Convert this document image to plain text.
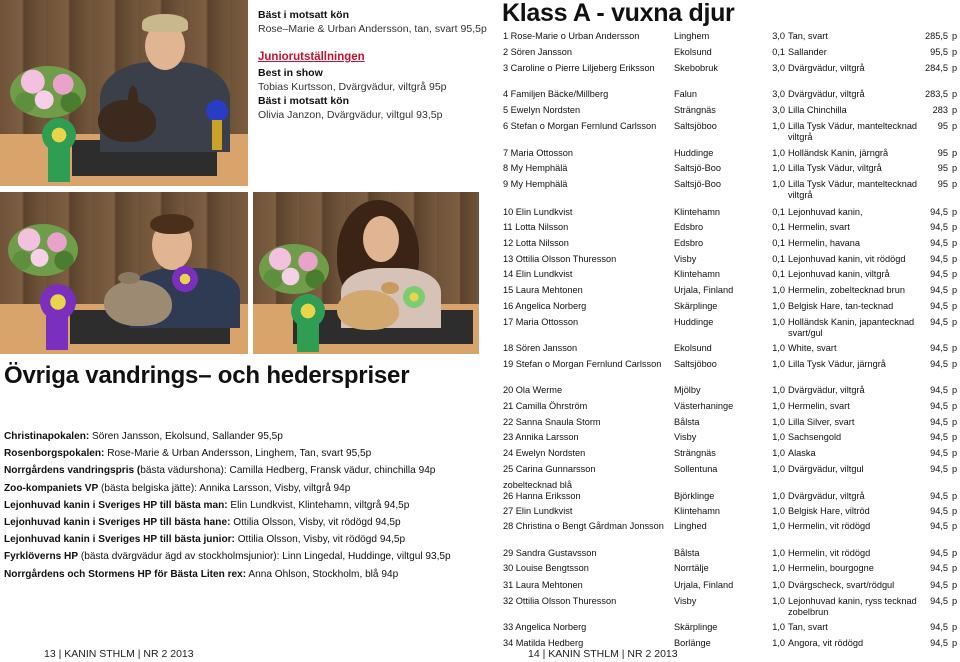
Bäst i motsatt kön
Rose–Marie & Urban Andersson, tan, svart 95,5p
Juniorutställningen
Best in show
Tobias Kurtsson, Dvärgvädur, viltgrå 95p
Bäst i motsatt kön
Olivia Janzon, Dvärgvädur, viltgul 93,5p
Övriga vandrings– och hederspriser
Christinapokalen: Sören Jansson, Ekolsund, Sallander 95,5p
Rosenborgspokalen: Rose-Marie & Urban Andersson, Linghem, Tan, svart 95,5p
Norrgårdens vandringspris (bästa vädurshona): Camilla Hedberg, Fransk vädur, chinchilla 94p
Zoo-kompaniets VP (bästa belgiska jätte): Annika Larsson, Visby, viltgrå 94p
Lejonhuvad kanin i Sveriges HP till bästa man: Elin Lundkvist, Klintehamn, viltgrå 94,5p
Lejonhuvad kanin i Sveriges HP till bästa hane: Ottilia Olsson, Visby, vit rödögd 94,5p
Lejonhuvad kanin i Sveriges HP till bästa junior: Ottilia Olsson, Visby, vit rödögd 94,5p
Fyrklöverns HP (bästa dvärgvädur ägd av stockholmsjunior): Linn Lingedal, Huddinge, viltgul 93,5p
Norrgårdens och Stormens HP för Bästa Liten rex: Anna Ohlson, Stockholm, blå 94p
13 | KANIN STHLM | NR 2 2013
Klass A - vuxna djur
1 Rose-Marie o Urban Andersson	Linghem	3,0 Tan, svart	285,5 p
2 Sören Jansson	Ekolsund	0,1 Sallander	95,5 p
3 Caroline o Pierre Liljeberg Eriksson	Skebobruk	3,0 Dvärgvädur, viltgrå	284,5 p
4 Familjen Bäcke/Millberg	Falun	3,0 Dvärgvädur, viltgrå	283,5 p
5 Ewelyn Nordsten	Strängnäs	3,0 Lilla Chinchilla	283 p
6 Stefan o Morgan Fernlund Carlsson	Saltsjöboo	1,0 Lilla Tysk Vädur, manteltecknad viltgrå
95 p
7 Maria Ottosson	Huddinge	1,0 Holländsk Kanin, järngrå	95 p
8 My Hemphälä	Saltsjö-Boo	1,0 Lilla Tysk Vädur, viltgrå	95 p
9 My Hemphälä	Saltsjö-Boo	1,0 Lilla Tysk Vädur, manteltecknad viltgrå
95 p
10 Elin Lundkvist	Klintehamn	0,1 Lejonhuvad kanin,	94,5 p
11 Lotta Nilsson	Edsbro	0,1 Hermelin, svart	94,5 p
12 Lotta Nilsson	Edsbro	0,1 Hermelin, havana	94,5 p
13 Ottilia Olsson Thuresson	Visby	0,1 Lejonhuvad kanin, vit rödögd	94,5 p
14 Elin Lundkvist	Klintehamn	0,1 Lejonhuvad kanin, viltgrå	94,5 p
15 Laura Mehtonen	Urjala, Finland	1,0 Hermelin, zobeltecknad brun	94,5 p
16 Angelica Norberg	Skärplinge	1,0 Belgisk Hare, tan-tecknad	94,5 p
17 Maria Ottosson	Huddinge	1,0 Holländsk Kanin, japantecknad svart/gul
94,5 p
18 Sören Jansson	Ekolsund	1,0 White, svart	94,5 p
19 Stefan o Morgan Fernlund Carlsson	Saltsjöboo	1,0 Lilla Tysk Vädur, järngrå	94,5 p
20 Ola Werme	Mjölby	1,0 Dvärgvädur, viltgrå	94,5 p
21 Camilla Öhrström	Västerhaninge	1,0 Hermelin, svart	94,5 p
22 Sanna Snaula Storm	Bålsta	1,0 Lilla Silver, svart	94,5 p
23 Annika Larsson	Visby	1,0 Sachsengold	94,5 p
24 Ewelyn Nordsten	Strängnäs	1,0 Alaska	94,5 p
25 Carina Gunnarsson	Sollentuna	1,0 Dvärgvädur, viltgul	94,5 p
zobeltecknad blå
26 Hanna Eriksson	Björklinge	1,0 Dvärgvädur, viltgrå	94,5 p
27 Elin Lundkvist	Klintehamn	1,0 Belgisk Hare, viltröd	94,5 p
28 Christina o Bengt Gårdman Jonsson	Linghed	1,0 Hermelin, vit rödögd	94,5 p
29 Sandra Gustavsson	Bålsta	1,0 Hermelin, vit rödögd	94,5 p
30 Louise Bengtsson	Norrtälje	1,0 Hermelin, bourgogne	94,5 p
31 Laura Mehtonen	Urjala, Finland	1,0 Dvärgscheck, svart/rödgul	94,5 p
32 Ottilia Olsson Thuresson	Visby	1,0 Lejonhuvad kanin, ryss tecknad zobelbrun
94,5 p
33 Angelica Norberg	Skärplinge	1,0 Tan, svart	94,5 p
34 Matilda Hedberg	Borlänge	1,0 Angora, vit rödögd	94,5 p
14 | KANIN STHLM | NR 2 2013
